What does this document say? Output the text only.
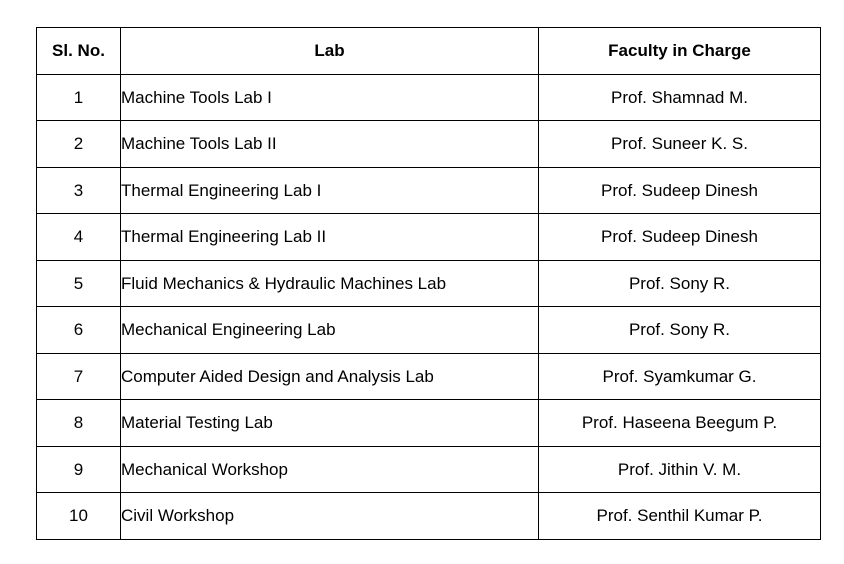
Sl. No.	Lab	Faculty in Charge
1	Machine Tools Lab I	Prof. Shamnad M.
2	Machine Tools Lab II	Prof. Suneer K. S.
3	Thermal Engineering Lab I	Prof. Sudeep Dinesh
4	Thermal Engineering Lab II	Prof. Sudeep Dinesh
5	Fluid Mechanics & Hydraulic Machines Lab	Prof. Sony R.
6	Mechanical Engineering Lab	Prof. Sony R.
7	Computer Aided Design and Analysis Lab	Prof. Syamkumar G.
8	Material Testing Lab	Prof. Haseena Beegum P.
9	Mechanical Workshop	Prof. Jithin V. M.
10	Civil Workshop	Prof. Senthil Kumar P.
